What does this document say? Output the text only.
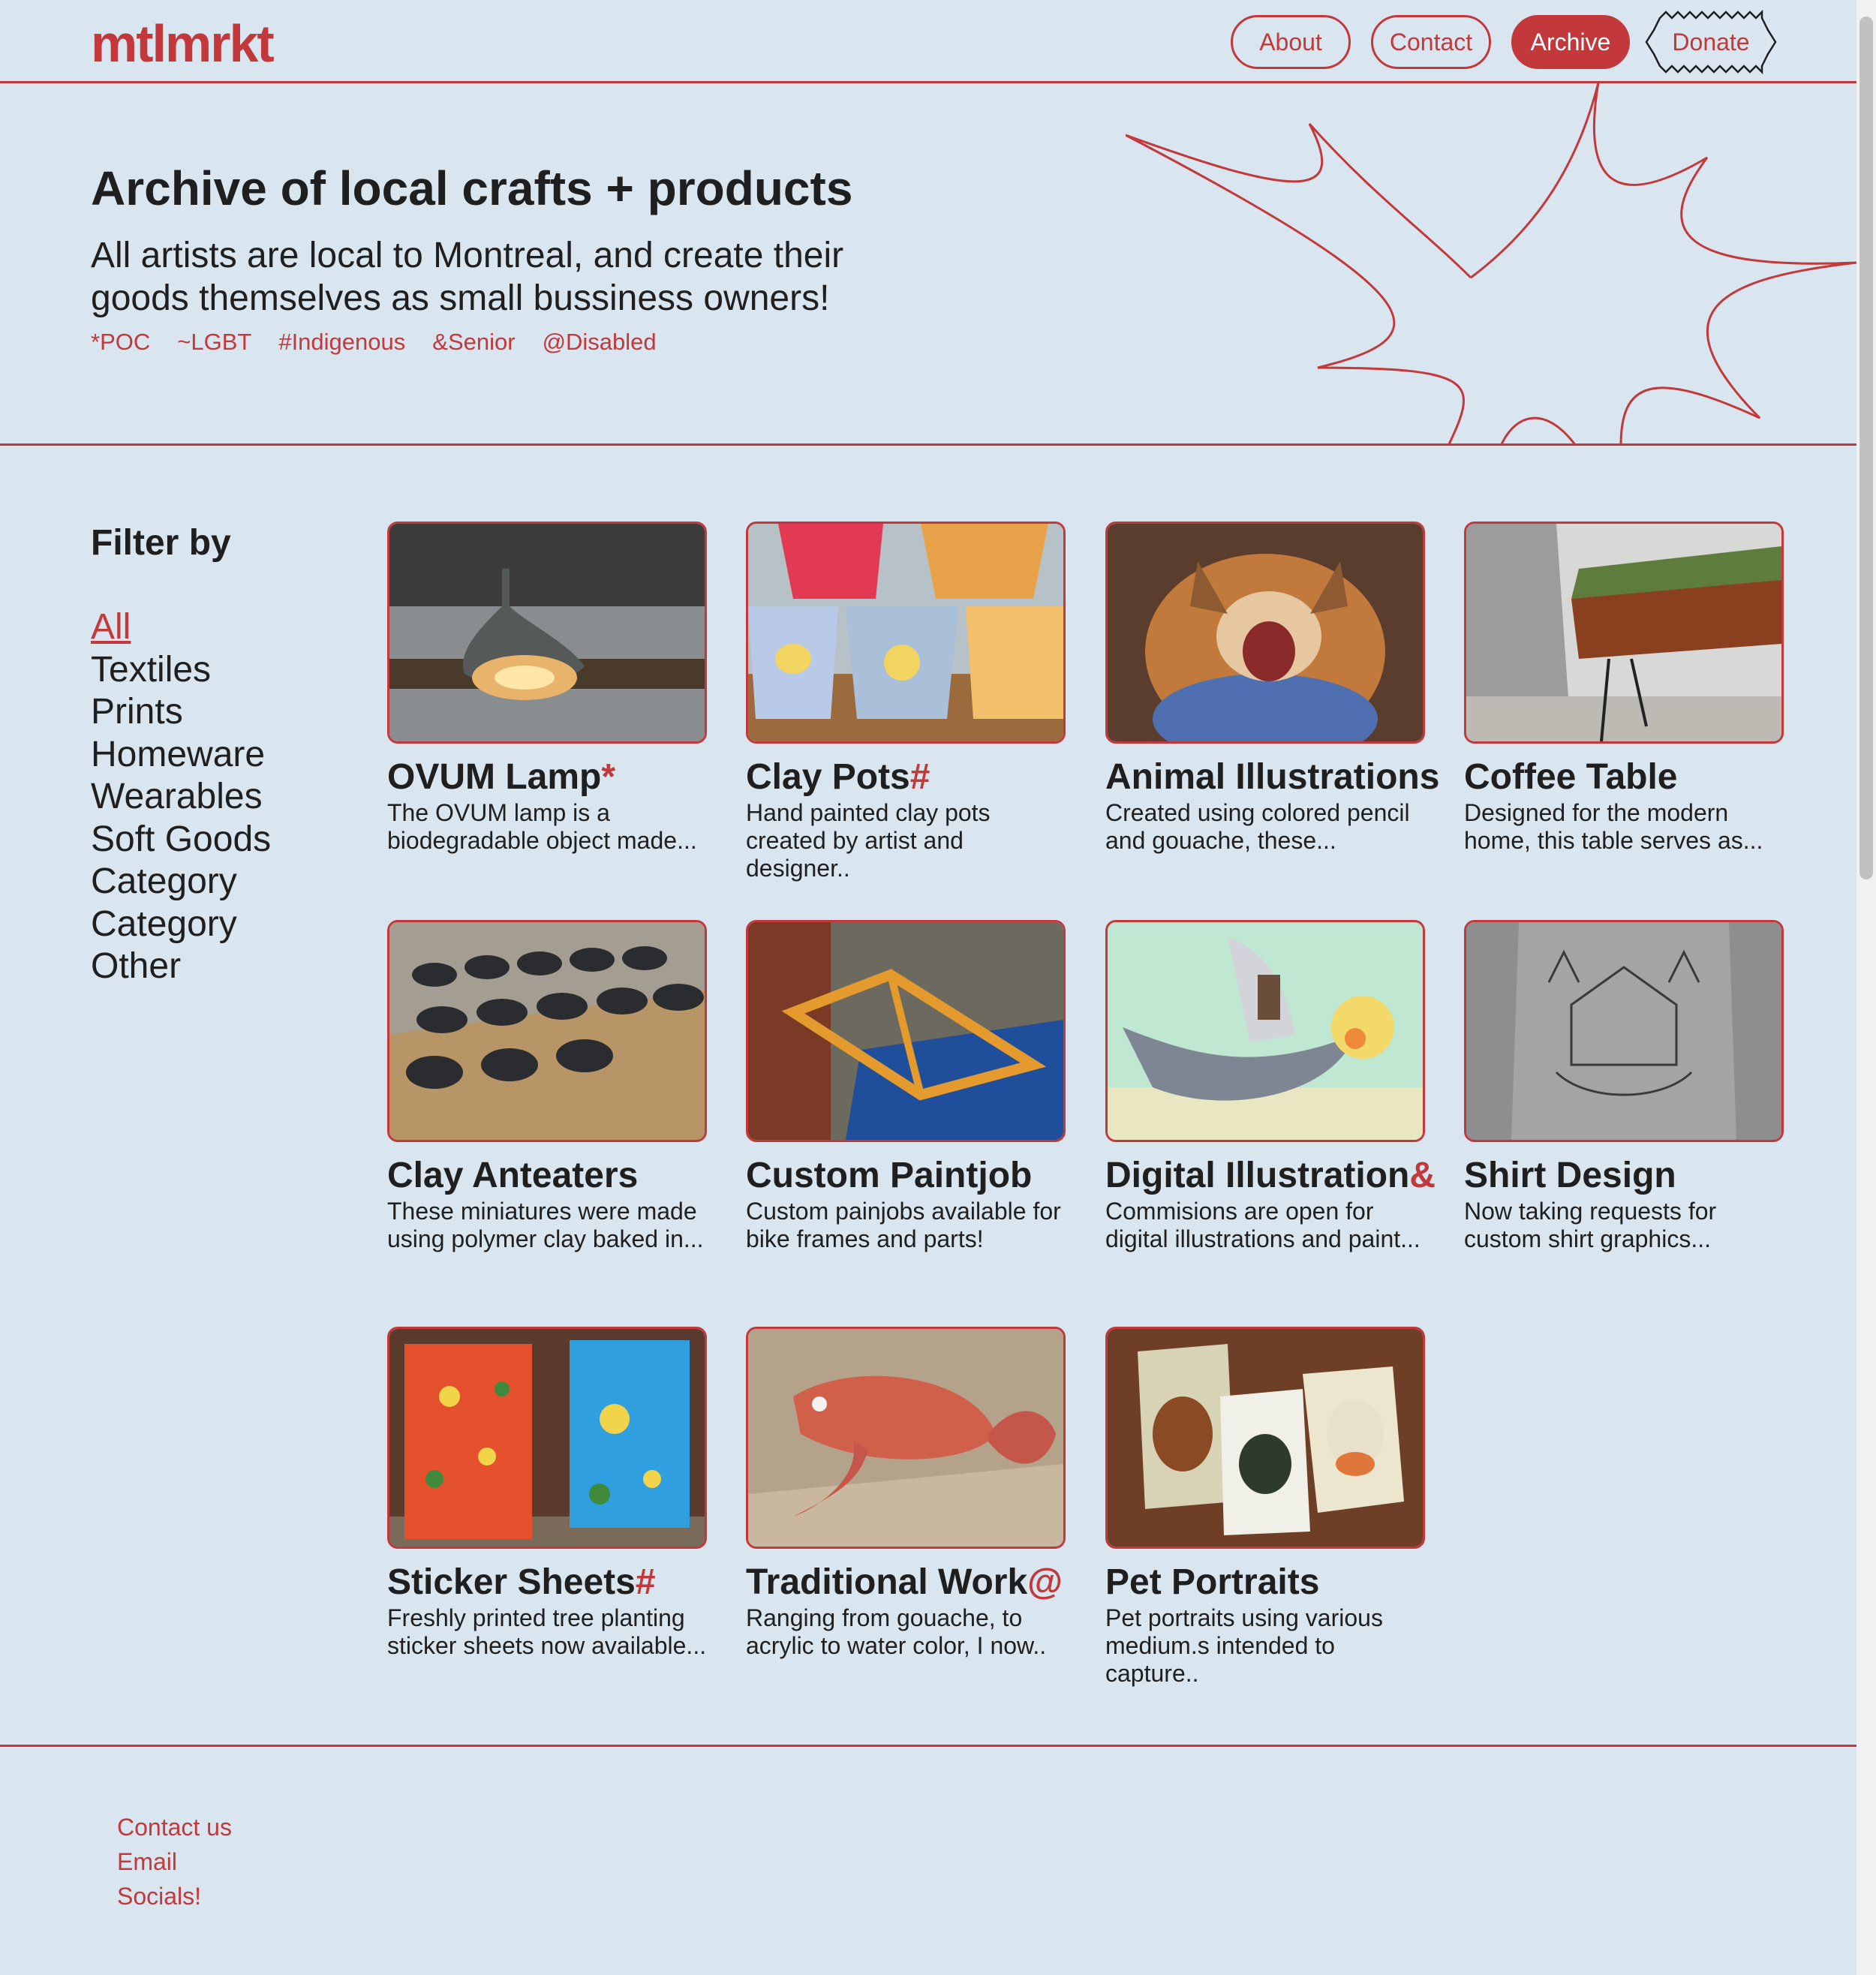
mtlmrkt	About	Contact	Archive	Donate
Archive of local crafts + products
All artists are local to Montreal, and create their goods themselves as small bussiness owners!
*POC ~LGBT #Indigenous &Senior @Disabled
Filter by
All
Textiles
Prints
Homeware
Wearables
Soft Goods
Category
Category
Other
OVUM Lamp*
The OVUM lamp is a biodegradable object made...
Clay Pots#
Hand painted clay pots created by artist and designer..
Animal Illustrations
Created using colored pencil and gouache, these...
Coffee Table
Designed for the modern home, this table serves as...
Clay Anteaters
These miniatures were made using polymer clay baked in...
Custom Paintjob
Custom painjobs available for bike frames and parts!
Digital Illustration&
Commisions are open for digital illustrations and paint...
Shirt Design
Now taking requests for custom shirt graphics...
Sticker Sheets#
Freshly printed tree planting sticker sheets now available...
Traditional Work@
Ranging from gouache, to acrylic to water color, I now..
Pet Portraits
Pet portraits using various medium.s intended to capture..
Contact us
Email
Socials!
